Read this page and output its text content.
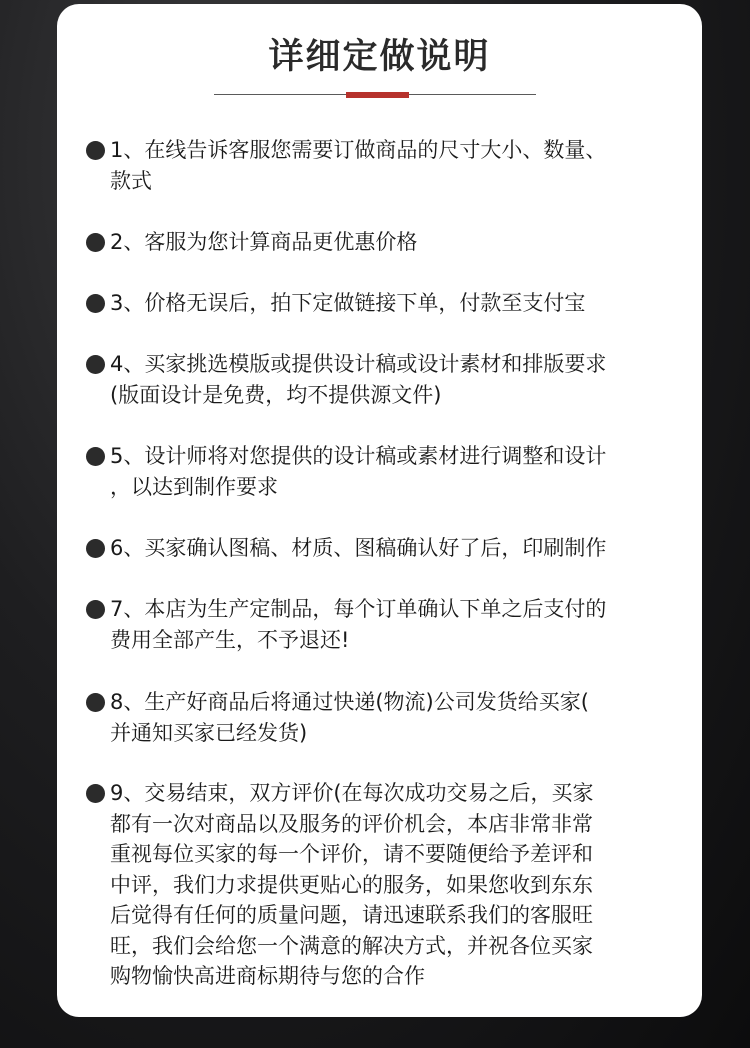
详细定做说明
1、在线告诉客服您需要订做商品的尺寸大小、数量、
款式
2、客服为您计算商品更优惠价格
3、价格无误后，拍下定做链接下单，付款至支付宝
4、买家挑选模版或提供设计稿或设计素材和排版要求
(版面设计是免费，均不提供源文件)
5、设计师将对您提供的设计稿或素材进行调整和设计
，以达到制作要求
6、买家确认图稿、材质、图稿确认好了后，印刷制作
7、本店为生产定制品，每个订单确认下单之后支付的
费用全部产生，不予退还!
8、生产好商品后将通过快递(物流)公司发货给买家(
并通知买家已经发货)
9、交易结束，双方评价(在每次成功交易之后，买家
都有一次对商品以及服务的评价机会，本店非常非常
重视每位买家的每一个评价，请不要随便给予差评和
中评，我们力求提供更贴心的服务，如果您收到东东
后觉得有任何的质量问题，请迅速联系我们的客服旺
旺，我们会给您一个满意的解决方式，并祝各位买家
购物愉快高进商标期待与您的合作
